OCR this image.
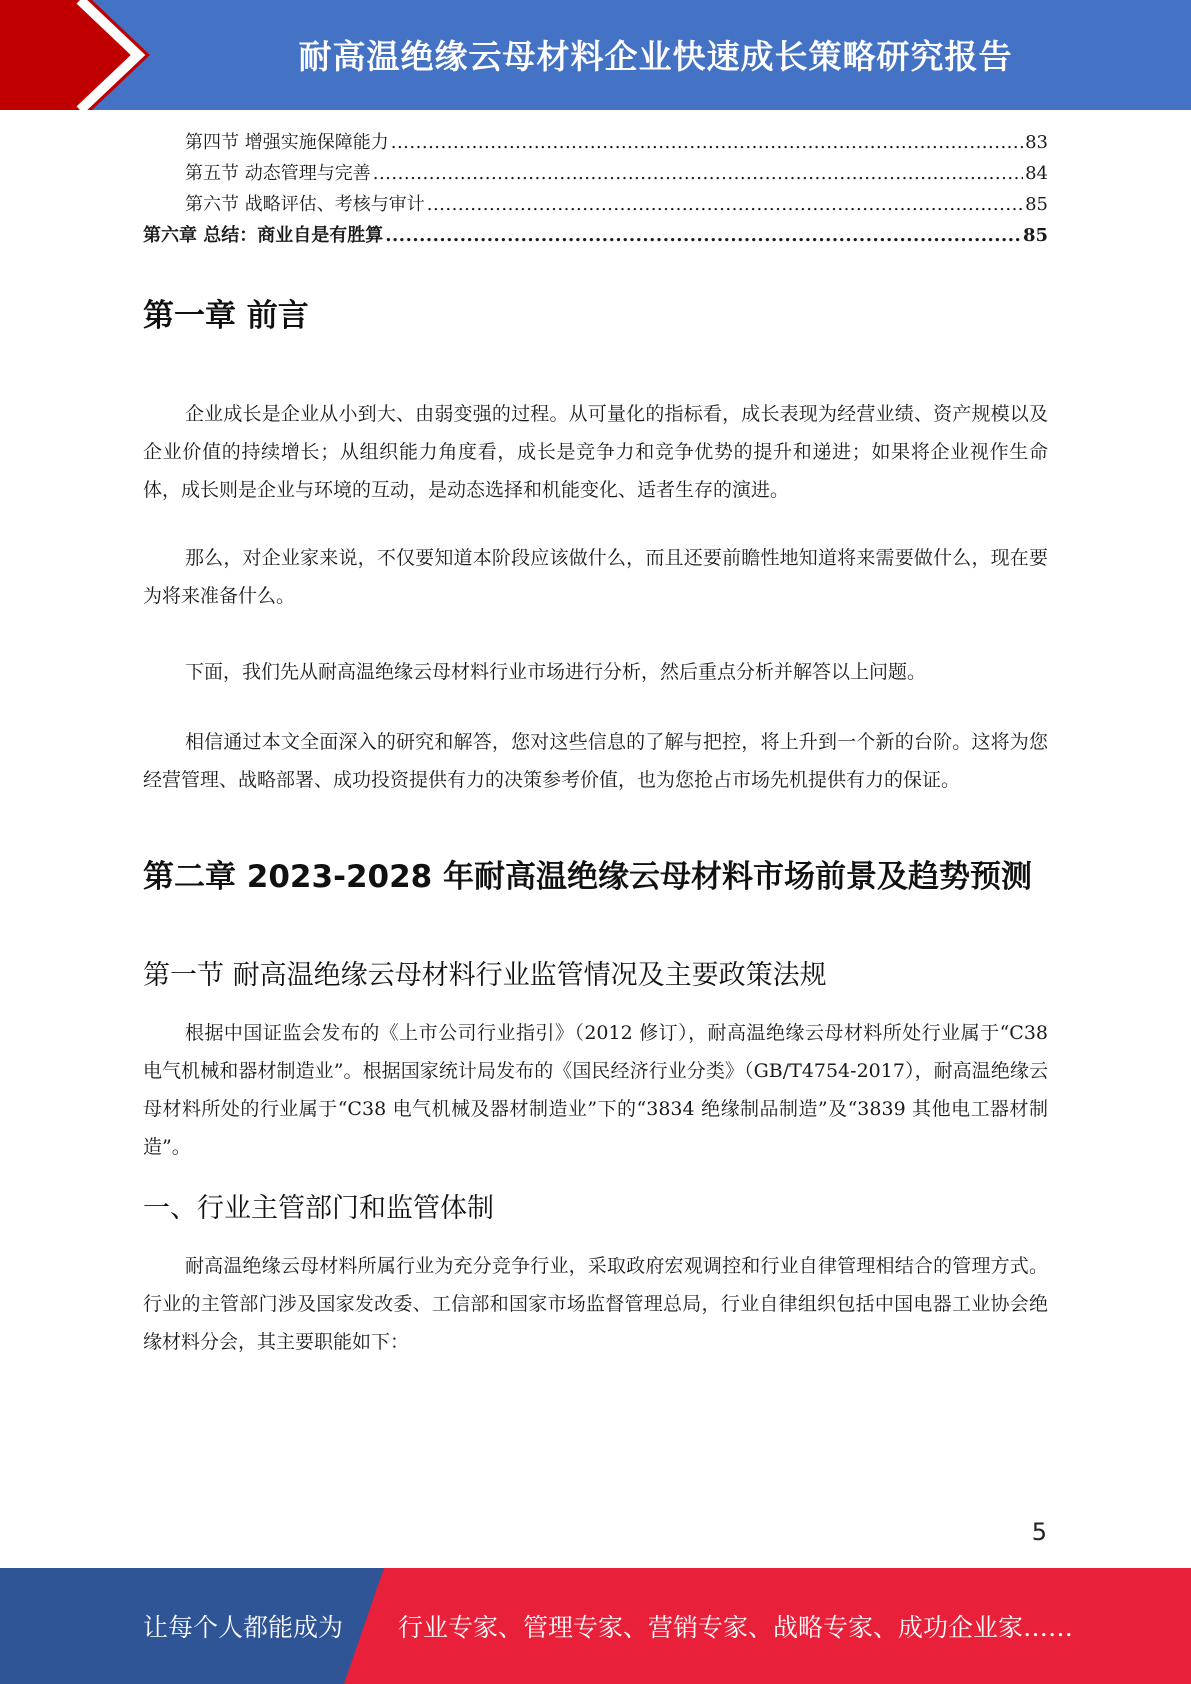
耐高温绝缘云母材料企业快速成长策略研究报告
第四节 增强实施保障能力 .....	83
第五节 动态管理与完善 .....	84
第六节 战略评估、考核与审计 .....	85
第六章 总结：商业自是有胜算 .....	85
第一章 前言

企业成长是企业从小到大、由弱变强的过程。从可量化的指标看，成长表现为经营业绩、资产规模以及企业价值的持续增长；从组织能力角度看，成长是竞争力和竞争优势的提升和递进；如果将企业视作生命体，成长则是企业与环境的互动，是动态选择和机能变化、适者生存的演进。

那么，对企业家来说，不仅要知道本阶段应该做什么，而且还要前瞻性地知道将来需要做什么，现在要为将来准备什么。

下面，我们先从耐高温绝缘云母材料行业市场进行分析，然后重点分析并解答以上问题。

相信通过本文全面深入的研究和解答，您对这些信息的了解与把控，将上升到一个新的台阶。这将为您经营管理、战略部署、成功投资提供有力的决策参考价值，也为您抢占市场先机提供有力的保证。

第二章 2023-2028 年耐高温绝缘云母材料市场前景及趋势预测
第一节 耐高温绝缘云母材料行业监管情况及主要政策法规

根据中国证监会发布的《上市公司行业指引》（2012 修订），耐高温绝缘云母材料所处行业属于“C38 电气机械和器材制造业”。根据国家统计局发布的《国民经济行业分类》（GB/T4754-2017），耐高温绝缘云母材料所处的行业属于“C38 电气机械及器材制造业”下的“3834 绝缘制品制造”及“3839 其他电工器材制造”。

一、行业主管部门和监管体制

耐高温绝缘云母材料所属行业为充分竞争行业，采取政府宏观调控和行业自律管理相结合的管理方式。行业的主管部门涉及国家发改委、工信部和国家市场监督管理总局，行业自律组织包括中国电器工业协会绝缘材料分会，其主要职能如下：

5
让每个人都能成为 行业专家、管理专家、营销专家、战略专家、成功企业家……
